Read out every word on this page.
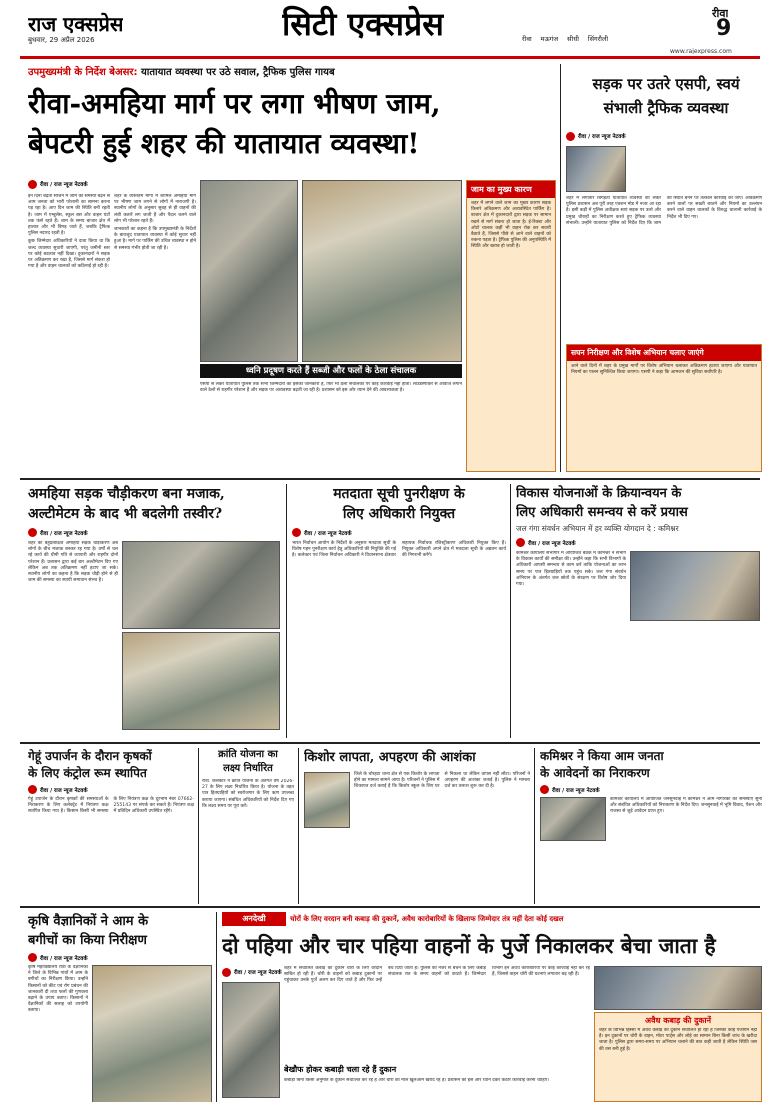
राज एक्सप्रेस
बुधवार, 29 अप्रैल 2026	सिटी एक्सप्रेस	रीवा मऊगंज सीधी सिंगरौली
रीवा
9
www.rajexpress.com
उपमुख्यमंत्री के निर्देश बेअसर: यातायात व्यवस्था पर उठे सवाल, ट्रैफिक पुलिस गायब
रीवा-अमहिया मार्ग पर लगा भीषण जाम,
बेपटरी हुई शहर की यातायात व्यवस्था!
रीवा / राज न्यूज नेटवर्क

इन दिनों बढ़ती सीजन में जाम की समस्या बढ़ने से आम जनता को भारी परेशानी का सामना करना पड़ रहा है। आए दिन जाम की स्थिति बनी रहती है। जाम में एम्बुलेंस, स्कूल बस और वाहन घंटों तक फंसे रहते हैं। शाम के समय बाजार क्षेत्र में हालात और भी बिगड़ जाते हैं, जबकि ट्रैफिक पुलिस नदारद रहती है।

कुछ जिम्मेदार अधिकारियों ने दावा किया था कि जल्द व्यवस्था सुधारी जाएगी, परंतु जमीनी स्तर पर कोई बदलाव नहीं दिखा। दुकानदारों ने सड़क पर अतिक्रमण कर रखा है, जिससे मार्ग संकरा हो गया है और वाहन चालकों को कठिनाई हो रही है।

शहर के व्यस्ततम मार्गों में शामिल अमहिया मार्ग पर भीषण जाम लगने से लोगों में नाराजगी है। स्थानीय लोगों के अनुसार सुबह से ही वाहनों की लंबी कतारें लग जाती हैं और पैदल चलने वाले लोग भी परेशान रहते हैं।

जानकारों का कहना है कि उपमुख्यमंत्री के निर्देशों के बावजूद यातायात व्यवस्था में कोई सुधार नहीं हुआ है। मार्ग पर पार्किंग की उचित व्यवस्था न होने से समस्या गंभीर होती जा रही है।

ध्वनि प्रदूषण करते हैं सब्जी और फलों के ठेला संचालक
एसपी से लेकर यातायात पुलिस तक सभी जिम्मेदारों को इसकी जानकारी है, फिर भी ठेला संचालकों पर कोई कार्रवाई नहीं होती। लाउडस्पीकर से आवाज लगाने वाले ठेलों से राहगीर परेशान हैं और सड़क पर अव्यवस्था बढ़ती जा रही है। प्रशासन को इस ओर ध्यान देने की आवश्यकता है।
जाम का मुख्य कारण
शहर में लगने वाले जाम का मुख्य कारण सड़क किनारे अतिक्रमण और अव्यवस्थित पार्किंग है। बाजार क्षेत्र में दुकानदारों द्वारा सड़क पर सामान रखने से मार्ग संकरा हो जाता है। ई-रिक्शा और ऑटो चालक कहीं भी वाहन रोक कर सवारी बैठाते हैं, जिससे पीछे से आने वाले वाहनों को रुकना पड़ता है। ट्रैफिक पुलिस की अनुपस्थिति में स्थिति और खराब हो जाती है।
सड़क पर उतरे एसपी, स्वयं
संभाली ट्रैफिक व्यवस्था
रीवा / राज न्यूज नेटवर्क
शहर में लगातार बिगड़ती यातायात व्यवस्था को लेकर पुलिस प्रशासन अब पूरी तरह एक्शन मोड में नजर आ रहा है। इसी कड़ी में पुलिस अधीक्षक स्वयं सड़क पर उतरे और प्रमुख चौराहों का निरीक्षण करते हुए ट्रैफिक व्यवस्था संभाली। उन्होंने यातायात पुलिस को निर्देश दिए कि जाम की स्थिति बनने पर तत्काल कार्रवाई की जाए। अतिक्रमण करने वालों पर सख्ती बरतने और नियमों का उल्लंघन करने वाले वाहन चालकों के विरुद्ध चालानी कार्रवाई के निर्देश भी दिए गए।
सघन निरीक्षण और विशेष अभियान चलाए जाएंगे
आने वाले दिनों में शहर के प्रमुख मार्गों पर विशेष अभियान चलाकर अतिक्रमण हटाया जाएगा और यातायात नियमों का पालन सुनिश्चित किया जाएगा। एसपी ने कहा कि आमजन की सुविधा सर्वोपरि है।
अमहिया सड़क चौड़ीकरण बना मजाक,
अल्टीमेटम के बाद भी बदलेगी तस्वीर?
रीवा / राज न्यूज नेटवर्क
शहर का बहुप्रतीक्षित अमहिया सड़क चौड़ीकरण अब लोगों के बीच मजाक बनकर रह गया है। वर्षों से चल रहे कार्य की धीमी गति से व्यापारी और राहगीर दोनों परेशान हैं। प्रशासन द्वारा कई बार अल्टीमेटम दिए गए लेकिन अब तक अतिक्रमण नहीं हटाए जा सके। स्थानीय लोगों का कहना है कि सड़क चौड़ी होने से ही जाम की समस्या का स्थायी समाधान संभव है।
मतदाता सूची पुनरीक्षण के
लिए अधिकारी नियुक्त
रीवा / राज न्यूज नेटवर्क
भारत निर्वाचन आयोग के निर्देशों के अनुसार मतदाता सूची के विशेष गहन पुनरीक्षण कार्य हेतु अधिकारियों की नियुक्ति की गई है। कलेक्टर एवं जिला निर्वाचन अधिकारी ने विधानसभा क्षेत्रवार सहायक निर्वाचक रजिस्ट्रीकरण अधिकारी नियुक्त किए हैं। नियुक्त अधिकारी अपने क्षेत्र में मतदाता सूची के अद्यतन कार्य की निगरानी करेंगे।
विकास योजनाओं के क्रियान्वयन के
लिए अधिकारी समन्वय से करें प्रयास
जल गंगा संवर्धन अभियान में हर व्यक्ति योगदान दे : कमिश्नर
रीवा / राज न्यूज नेटवर्क
कमिश्नर कार्यालय सभागार में आयोजित बैठक में कमिश्नर ने संभाग के विकास कार्यों की समीक्षा की। उन्होंने कहा कि सभी विभागों के अधिकारी आपसी समन्वय से काम करें ताकि योजनाओं का लाभ समय पर पात्र हितग्राहियों तक पहुंच सके। जल गंगा संवर्धन अभियान के अंतर्गत जल स्रोतों के संरक्षण पर विशेष जोर दिया गया।
गेहूं उपार्जन के दौरान कृषकों
के लिए कंट्रोल रूम स्थापित
रीवा / राज न्यूज नेटवर्क
गेहूं उपार्जन के दौरान कृषकों की समस्याओं के निराकरण के लिए कलेक्ट्रेट में नियंत्रण कक्ष स्थापित किया गया है। किसान किसी भी समस्या के लिए नियंत्रण कक्ष के दूरभाष नंबर 07662-255143 पर संपर्क कर सकते हैं। नियंत्रण कक्ष में प्रतिदिन अधिकारी उपस्थित रहेंगे।
क्रांति योजना का
लक्ष्य निर्धारित
रीवा. कलेक्टर ने क्रांति योजना के अंतर्गत वर्ष 2026-27 के लिए लक्ष्य निर्धारित किया है। योजना के तहत पात्र हितग्राहियों को स्वरोजगार के लिए ऋण उपलब्ध कराया जाएगा। संबंधित अधिकारियों को निर्देश दिए गए कि लक्ष्य समय पर पूरा करें।
किशोर लापता, अपहरण की आशंका
जिले के चोरहटा थाना क्षेत्र से एक किशोर के लापता होने का मामला सामने आया है। परिजनों ने पुलिस में शिकायत दर्ज कराई है कि किशोर स्कूल के लिए घर से निकला था लेकिन वापस नहीं लौटा। परिजनों ने अपहरण की आशंका जताई है। पुलिस ने मामला दर्ज कर तलाश शुरू कर दी है।
कमिश्नर ने किया आम जनता
के आवेदनों का निराकरण
रीवा / राज न्यूज नेटवर्क
कमिश्नर कार्यालय में आयोजित जनसुनवाई में कमिश्नर ने आम नागरिकों की समस्याएं सुनीं और संबंधित अधिकारियों को निराकरण के निर्देश दिए। जनसुनवाई में भूमि विवाद, पेंशन और राजस्व से जुड़े आवेदन प्राप्त हुए।
कृषि वैज्ञानिकों ने आम के
बगीचों का किया निरीक्षण
रीवा / राज न्यूज नेटवर्क
कृषि महाविद्यालय रीवा के वैज्ञानिकों ने जिले के विभिन्न गांवों में आम के बगीचों का निरीक्षण किया। उन्होंने किसानों को कीट एवं रोग प्रबंधन की जानकारी दी तथा फलों की गुणवत्ता बढ़ाने के उपाय बताए। किसानों ने वैज्ञानिकों की सलाह को उपयोगी बताया।
अनदेखी	चोरों के लिए वरदान बनी कबाड़ की दुकानें, अवैध कारोबारियों के खिलाफ जिम्मेदार तंत्र नहीं देता कोई दखल
दो पहिया और चार पहिया वाहनों के पुर्जे निकालकर बेचा जाता है
रीवा / राज न्यूज नेटवर्क
शहर में संचालित कबाड़ की दुकानें चोरों के लिए वरदान साबित हो रही हैं। चोरी के वाहनों को कबाड़ दुकानों पर पहुंचाकर उनके पुर्जे अलग कर दिए जाते हैं और फिर उन्हें बेच दिया जाता है। पुलिस की नजर से बचने के लिए कबाड़ संचालक रात के समय वाहनों को काटते हैं। जिम्मेदार विभाग इन अवैध कारोबारियों पर कोई कार्रवाई नहीं कर रहे हैं, जिससे वाहन चोरी की घटनाएं लगातार बढ़ रही हैं।
बेखौफ होकर कबाड़ी चला रहे हैं दुकान
कबाड़ी बिना किसी अनुमति के दुकानें संचालित कर रहे हैं और चोरी का माल खुलेआम खरीद रहे हैं। प्रशासन को इस ओर ध्यान देकर कठोर कार्रवाई करनी चाहिए।
अवैध कबाड़ की दुकानें
शहर के विभिन्न हिस्सों में अवैध कबाड़ की दुकानें संचालित हो रही हैं जिनका कोई पंजीयन नहीं है। इन दुकानों पर चोरी के वाहन, मोटर पार्ट्स और लोहे का सामान बिना किसी जांच के खरीदा जाता है। पुलिस द्वारा समय-समय पर अभियान चलाने की बात कही जाती है लेकिन स्थिति जस की तस बनी हुई है।
